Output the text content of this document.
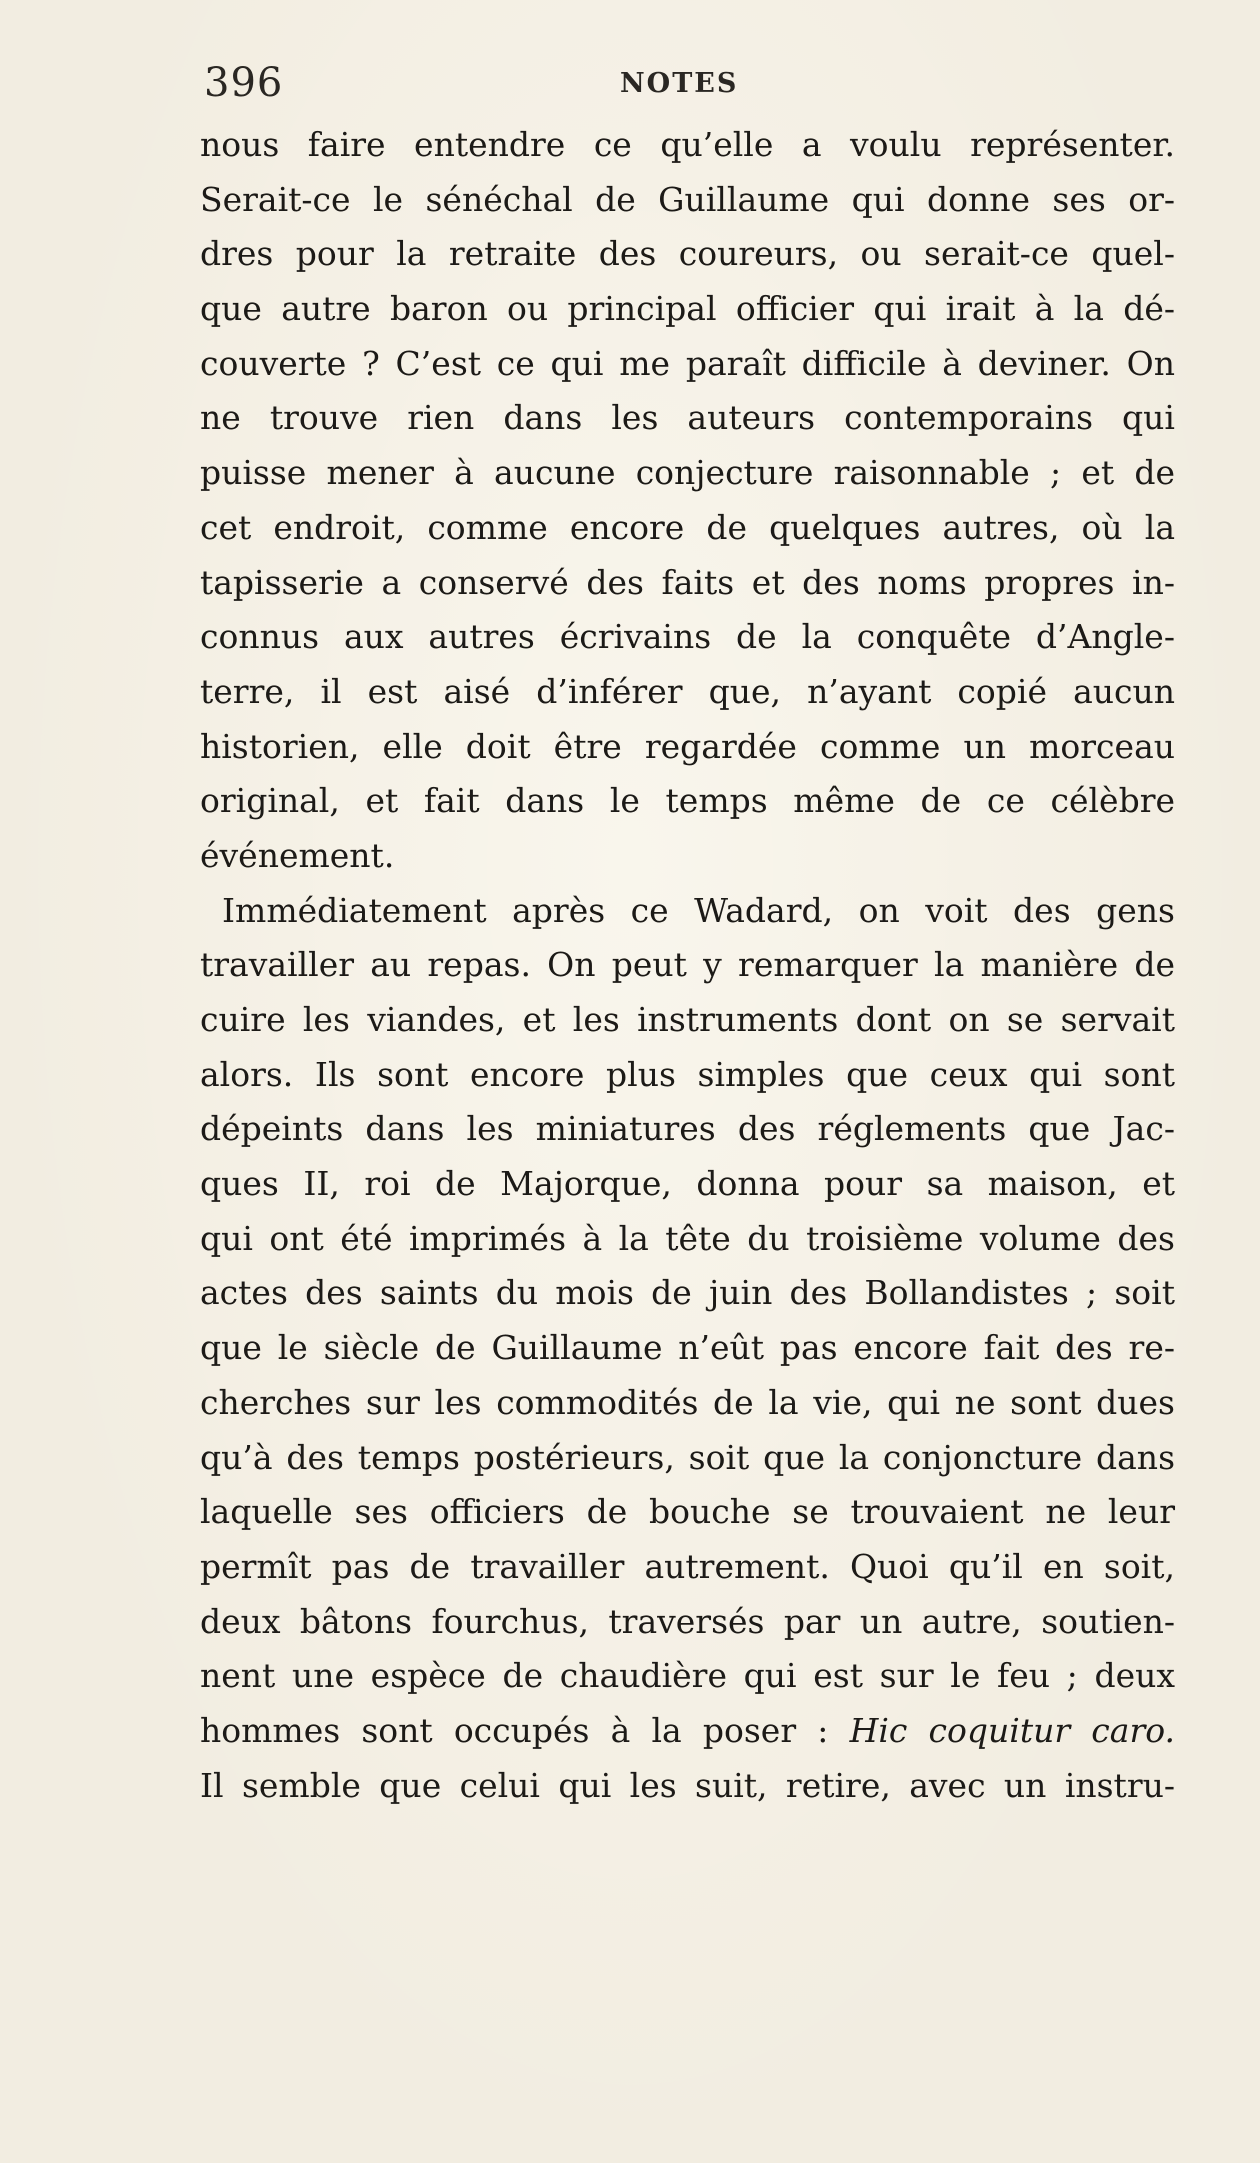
396	NOTES
nous faire entendre ce qu’elle a voulu représenter.
Serait-ce le sénéchal de Guillaume qui donne ses or-
dres pour la retraite des coureurs, ou serait-ce quel-
que autre baron ou principal officier qui irait à la dé-
couverte ? C’est ce qui me paraît difficile à deviner. On
ne trouve rien dans les auteurs contemporains qui
puisse mener à aucune conjecture raisonnable ; et de
cet endroit, comme encore de quelques autres, où la
tapisserie a conservé des faits et des noms propres in-
connus aux autres écrivains de la conquête d’Angle-
terre, il est aisé d’inférer que, n’ayant copié aucun
historien, elle doit être regardée comme un morceau
original, et fait dans le temps même de ce célèbre
événement.
Immédiatement après ce Wadard, on voit des gens
travailler au repas. On peut y remarquer la manière de
cuire les viandes, et les instruments dont on se servait
alors. Ils sont encore plus simples que ceux qui sont
dépeints dans les miniatures des réglements que Jac-
ques II, roi de Majorque, donna pour sa maison, et
qui ont été imprimés à la tête du troisième volume des
actes des saints du mois de juin des Bollandistes ; soit
que le siècle de Guillaume n’eût pas encore fait des re-
cherches sur les commodités de la vie, qui ne sont dues
qu’à des temps postérieurs, soit que la conjoncture dans
laquelle ses officiers de bouche se trouvaient ne leur
permît pas de travailler autrement. Quoi qu’il en soit,
deux bâtons fourchus, traversés par un autre, soutien-
nent une espèce de chaudière qui est sur le feu ; deux
hommes sont occupés à la poser : Hic coquitur caro.
Il semble que celui qui les suit, retire, avec un instru-
